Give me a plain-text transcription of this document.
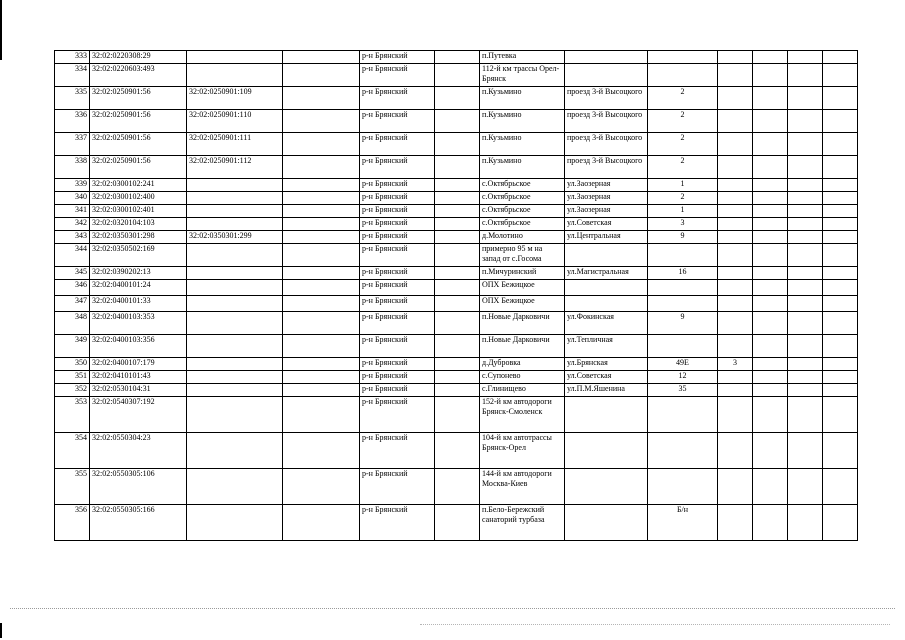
333	32:02:0220308:29			р-н Брянский		п.Путевка						
334	32:02:0220603:493			р-н Брянский		112-й км трассы Орел-Брянск						
335	32:02:0250901:56	32:02:0250901:109		р-н Брянский		п.Кузьмино	проезд 3-й Высоцкого	2				
336	32:02:0250901:56	32:02:0250901:110		р-н Брянский		п.Кузьмино	проезд 3-й Высоцкого	2				
337	32:02:0250901:56	32:02:0250901:111		р-н Брянский		п.Кузьмино	проезд 3-й Высоцкого	2				
338	32:02:0250901:56	32:02:0250901:112		р-н Брянский		п.Кузьмино	проезд 3-й Высоцкого	2				
339	32:02:0300102:241			р-н Брянский		с.Октябрьское	ул.Заозерная	1				
340	32:02:0300102:400			р-н Брянский		с.Октябрьское	ул.Заозерная	2				
341	32:02:0300102:401			р-н Брянский		с.Октябрьское	ул.Заозерная	1				
342	32:02:0320104:103			р-н Брянский		с.Октябрьское	ул.Советская	3				
343	32:02:0350301:298	32:02:0350301:299		р-н Брянский		д.Молотино	ул.Центральная	9				
344	32:02:0350502:169			р-н Брянский		примерно 95 м на запад от с.Госома						
345	32:02:0390202:13			р-н Брянский		п.Мичуринский	ул.Магистральная	16				
346	32:02:0400101:24			р-н Брянский		ОПХ Бежицкое						
347	32:02:0400101:33			р-н Брянский		ОПХ Бежицкое						
348	32:02:0400103:353			р-н Брянский		п.Новые Дарковичи	ул.Фокинская	9				
349	32:02:0400103:356			р-н Брянский		п.Новые Дарковичи	ул.Тепличная					
350	32:02:0400107:179			р-н Брянский		д.Дубровка	ул.Брянская	49Е	3			
351	32:02:0410101:43			р-н Брянский		с.Супонево	ул.Советская	12				
352	32:02:0530104:31			р-н Брянский		с.Глинищево	ул.П.М.Яшенина	35				
353	32:02:0540307:192			р-н Брянский		152-й км автодороги Брянск-Смоленск						
354	32:02:0550304:23			р-н Брянский		104-й км автотрассы Брянск-Орел						
355	32:02:0550305:106			р-н Брянский		144-й км автодороги Москва-Киев						
356	32:02:0550305:166			р-н Брянский		п.Бело-Бережский санаторий турбаза		Б/н				
